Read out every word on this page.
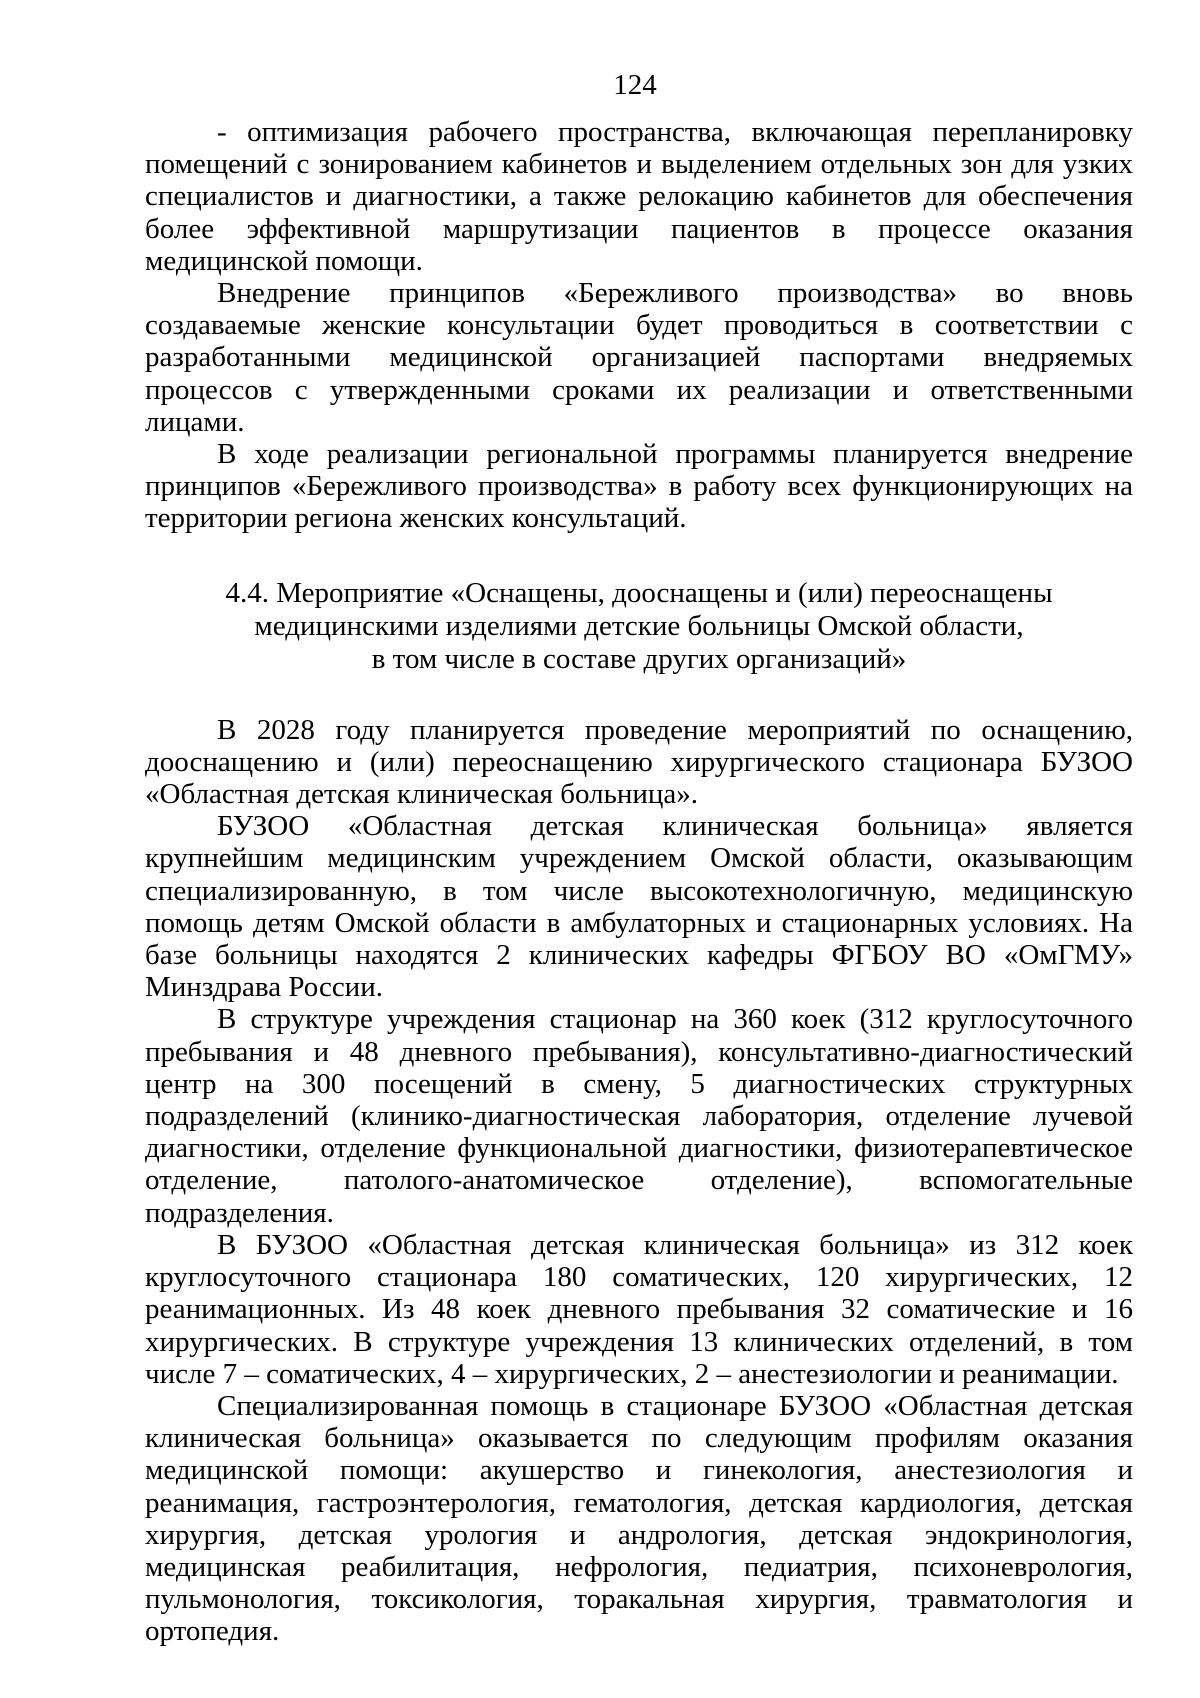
124

- оптимизация рабочего пространства, включающая перепланировку помещений с зонированием кабинетов и выделением отдельных зон для узких специалистов и диагностики, а также релокацию кабинетов для обеспечения более эффективной маршрутизации пациентов в процессе оказания медицинской помощи.

Внедрение принципов «Бережливого производства» во вновь создаваемые женские консультации будет проводиться в соответствии с разработанными медицинской организацией паспортами внедряемых процессов с утвержденными сроками их реализации и ответственными лицами.

В ходе реализации региональной программы планируется внедрение принципов «Бережливого производства» в работу всех функционирующих на территории региона женских консультаций.

4.4. Мероприятие «Оснащены, дооснащены и (или) переоснащены
медицинскими изделиями детские больницы Омской области,
в том числе в составе других организаций»

В 2028 году планируется проведение мероприятий по оснащению, дооснащению и (или) переоснащению хирургического стационара БУЗОО «Областная детская клиническая больница».

БУЗОО «Областная детская клиническая больница» является крупнейшим медицинским учреждением Омской области, оказывающим специализированную, в том числе высокотехнологичную, медицинскую помощь детям Омской области в амбулаторных и стационарных условиях. На базе больницы находятся 2 клинических кафедры ФГБОУ ВО «ОмГМУ» Минздрава России.

В структуре учреждения стационар на 360 коек (312 круглосуточного пребывания и 48 дневного пребывания), консультативно-диагностический центр на 300 посещений в смену, 5 диагностических структурных подразделений (клинико-диагностическая лаборатория, отделение лучевой диагностики, отделение функциональной диагностики, физиотерапевтическое отделение, патолого-анатомическое отделение), вспомогательные подразделения.

В БУЗОО «Областная детская клиническая больница» из 312 коек круглосуточного стационара 180 соматических, 120 хирургических, 12 реанимационных. Из 48 коек дневного пребывания 32 соматические и 16 хирургических. В структуре учреждения 13 клинических отделений, в том числе 7 – соматических, 4 – хирургических, 2 – анестезиологии и реанимации.

Специализированная помощь в стационаре БУЗОО «Областная детская клиническая больница» оказывается по следующим профилям оказания медицинской помощи: акушерство и гинекология, анестезиология и реанимация, гастроэнтерология, гематология, детская кардиология, детская хирургия, детская урология и андрология, детская эндокринология, медицинская реабилитация, нефрология, педиатрия, психоневрология, пульмонология, токсикология, торакальная хирургия, травматология и ортопедия.
